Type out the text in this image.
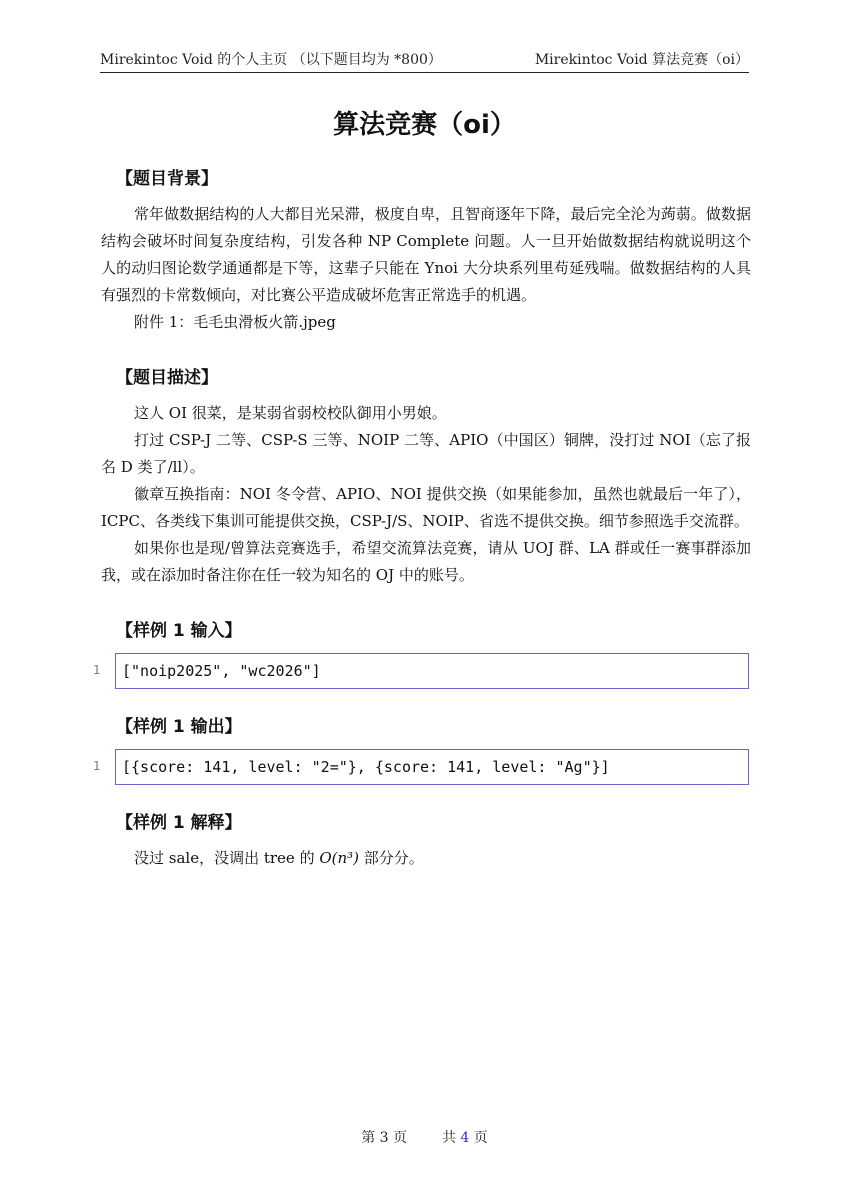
Mirekintoc Void 的个人主页 （以下题目均为 *800）	Mirekintoc Void 算法竞赛（oi）
算法竞赛（oi）
【题目背景】

常年做数据结构的人大都目光呆滞，极度自卑，且智商逐年下降，最后完全沦为蒟蒻。做数据结构会破坏时间复杂度结构，引发各种 NP Complete 问题。人一旦开始做数据结构就说明这个人的动归图论数学通通都是下等，这辈子只能在 Ynoi 大分块系列里苟延残喘。做数据结构的人具有强烈的卡常数倾向，对比赛公平造成破坏危害正常选手的机遇。

附件 1：毛毛虫滑板火箭.jpeg

【题目描述】

这人 OI 很菜，是某弱省弱校校队御用小男娘。

打过 CSP-J 二等、CSP-S 三等、NOIP 二等、APIO（中国区）铜牌，没打过 NOI（忘了报名 D 类了/ll）。

徽章互换指南：NOI 冬令营、APIO、NOI 提供交换（如果能参加，虽然也就最后一年了），ICPC、各类线下集训可能提供交换，CSP-J/S、NOIP、省选不提供交换。细节参照选手交流群。

如果你也是现/曾算法竞赛选手，希望交流算法竞赛，请从 UOJ 群、LA 群或任一赛事群添加我，或在添加时备注你在任一较为知名的 OJ 中的账号。

【样例 1 输入】
1	["noip2025", "wc2026"]
【样例 1 输出】
1	[{score: 141, level: "2="}, {score: 141, level: "Ag"}]
【样例 1 解释】

没过 sale，没调出 tree 的 O(n³) 部分分。

第 3 页 共 4 页
